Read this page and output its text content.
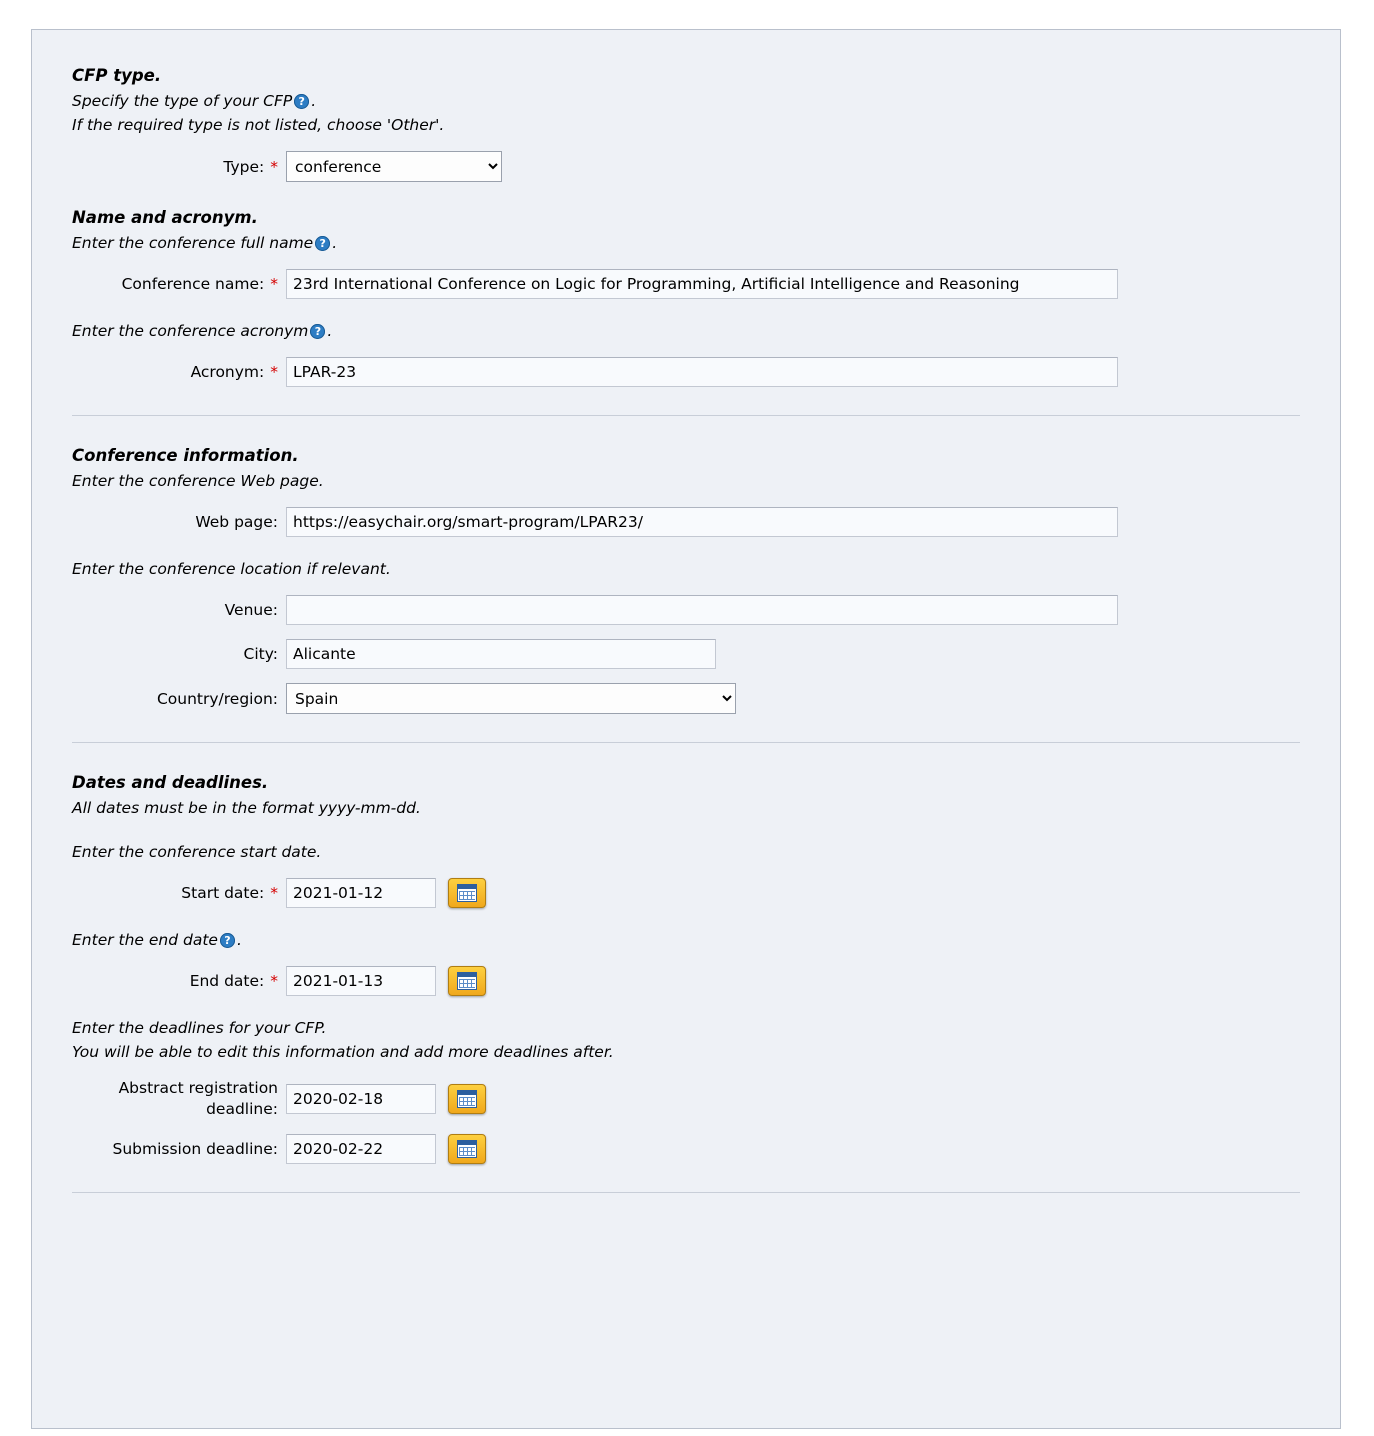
CFP type.

Specify the type of your CFP ? .
If the required type is not listed, choose 'Other'.

Type: *
conference
Name and acronym.

Enter the conference full name ? .

Conference name: *
23rd International Conference on Logic for Programming, Artificial Intelligence and Reasoning

Enter the conference acronym ? .

Acronym: *
LPAR-23
Conference information.

Enter the conference Web page.

Web page:
https://easychair.org/smart-program/LPAR23/

Enter the conference location if relevant.

Venue:
City:
Alicante
Country/region:
Spain
Dates and deadlines.

All dates must be in the format yyyy-mm-dd.

Enter the conference start date.

Start date: *
2021-01-12

Enter the end date ? .

End date: *
2021-01-13

Enter the deadlines for your CFP.
You will be able to edit this information and add more deadlines after.

Abstract registration
deadline:
2020-02-18
Submission deadline:
2020-02-22
